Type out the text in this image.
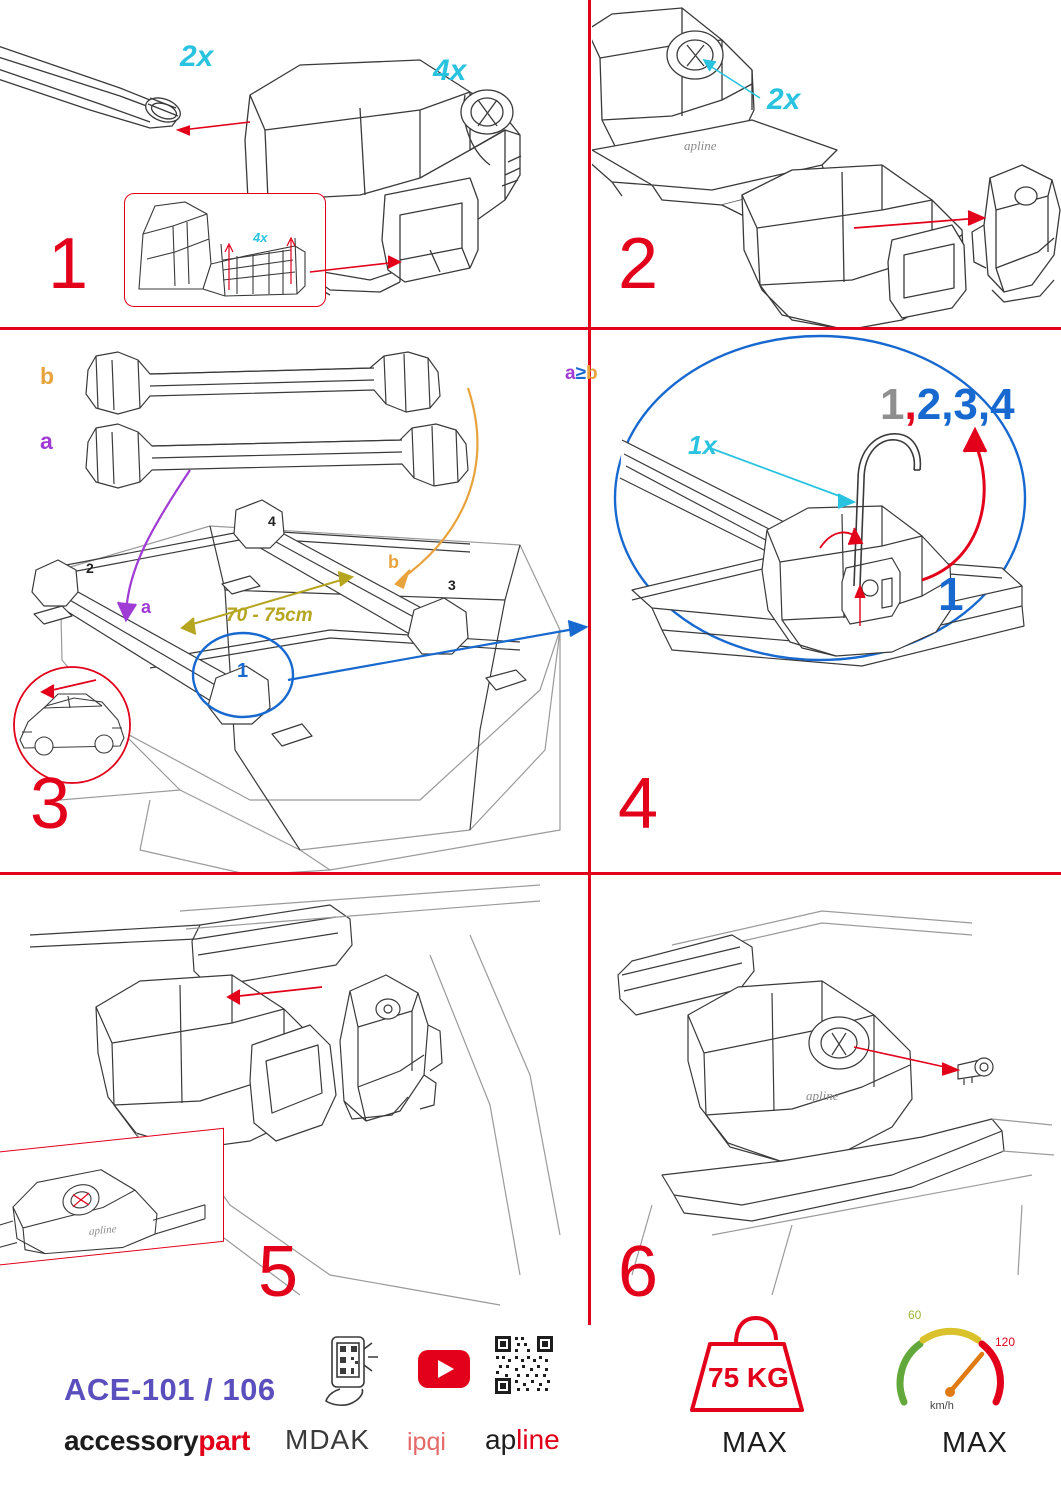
4x
2x	4x
1
apline
2x
2
b
a
a
b
70 - 75cm
2
4
3
1
3
1x
a≥b
1,2,3,4
1
4
apline
5
apline
6
ACE-101 / 106
accessorypart MDAK ipqi apline
75 KG
MAX
60
120
km/h
MAX
